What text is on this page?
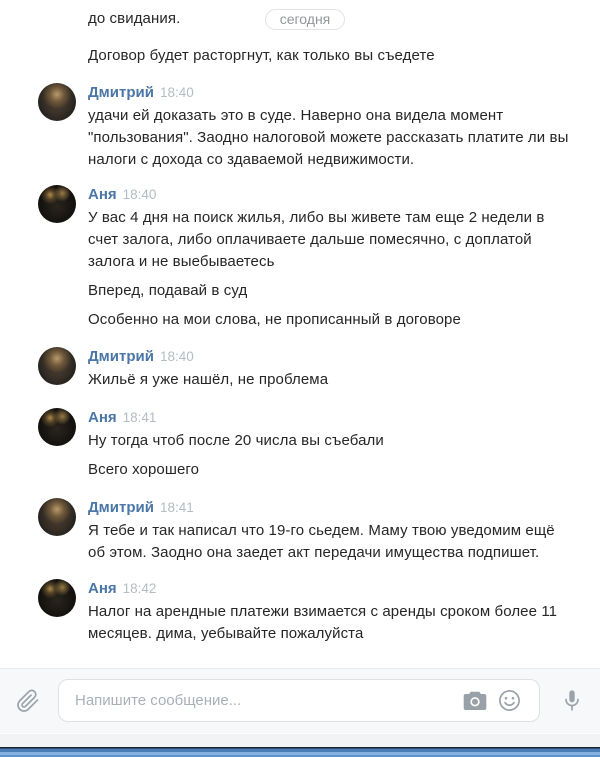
сегодня
до свидания.
Договор будет расторгнут, как только вы съедете
Дмитрий 18:40
удачи ей доказать это в суде. Наверно она видела момент "пользования". Заодно налоговой можете рассказать платите ли вы налоги с дохода со здаваемой недвижимости.
Аня 18:40
У вас 4 дня на поиск жилья, либо вы живете там еще 2 недели в счет залога, либо оплачиваете дальше помесячно, с доплатой залога и не выебываетесь
Вперед, подавай в суд
Особенно на мои слова, не прописанный в договоре
Дмитрий 18:40
Жильё я уже нашёл, не проблема
Аня 18:41
Ну тогда чтоб после 20 числа вы съебали
Всего хорошего
Дмитрий 18:41
Я тебе и так написал что 19-го сьедем. Маму твою уведомим ещё об этом. Заодно она заедет акт передачи имущества подпишет.
Аня 18:42
Налог на арендные платежи взимается с аренды сроком более 11 месяцев. дима, уебывайте пожалуйста
Напишите сообщение...
